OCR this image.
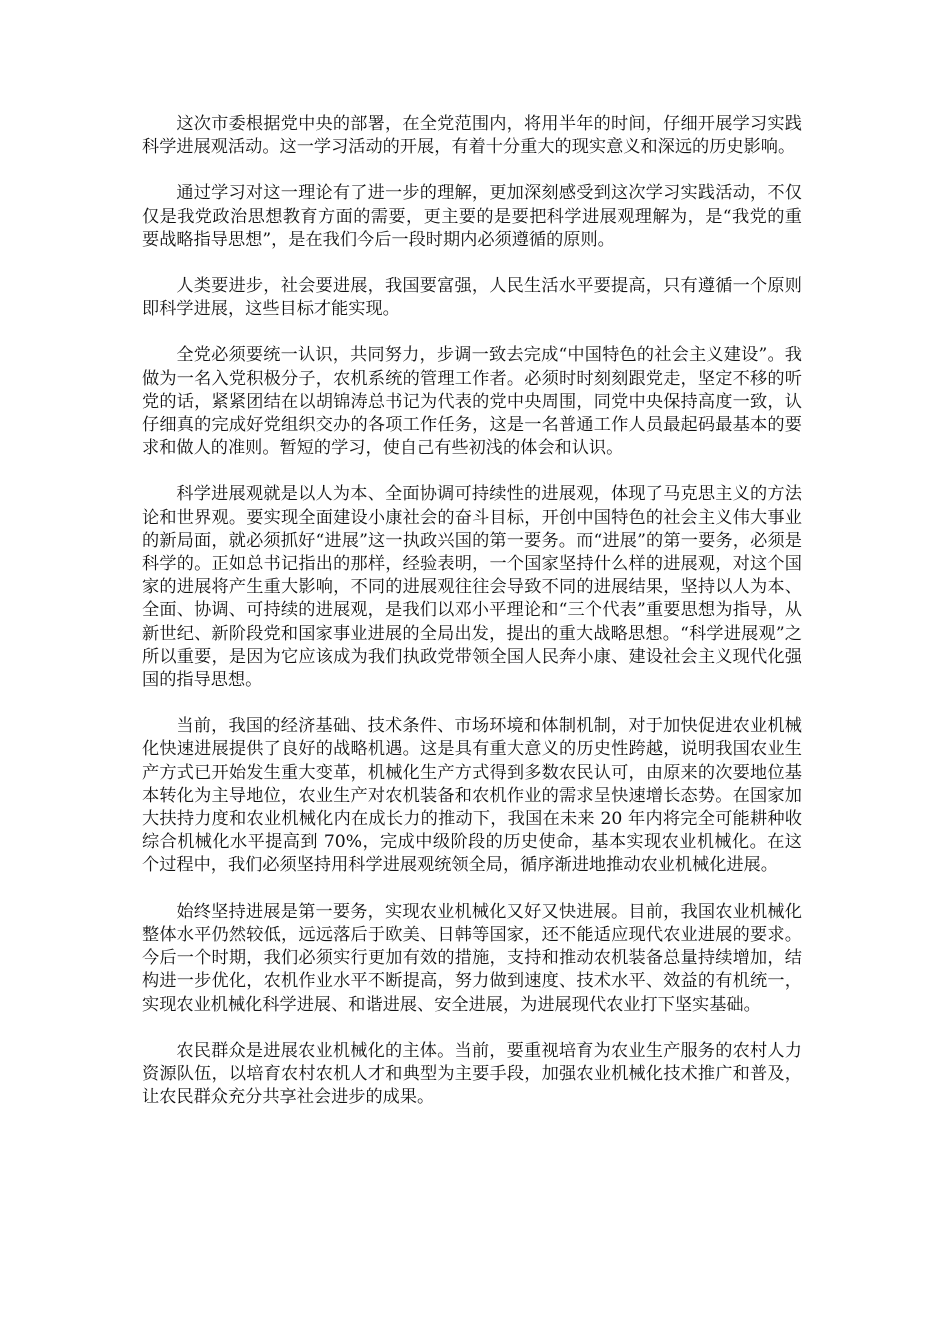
这次市委根据党中央的部署，在全党范围内，将用半年的时间，仔细开展学习实践科学进展观活动。这一学习活动的开展，有着十分重大的现实意义和深远的历史影响。

通过学习对这一理论有了进一步的理解，更加深刻感受到这次学习实践活动，不仅仅是我党政治思想教育方面的需要，更主要的是要把科学进展观理解为，是“我党的重要战略指导思想”，是在我们今后一段时期内必须遵循的原则。

人类要进步，社会要进展，我国要富强，人民生活水平要提高，只有遵循一个原则即科学进展，这些目标才能实现。

全党必须要统一认识，共同努力，步调一致去完成“中国特色的社会主义建设”。我做为一名入党积极分子，农机系统的管理工作者。必须时时刻刻跟党走，坚定不移的听党的话，紧紧团结在以胡锦涛总书记为代表的党中央周围，同党中央保持高度一致，认仔细真的完成好党组织交办的各项工作任务，这是一名普通工作人员最起码最基本的要求和做人的准则。暂短的学习，使自己有些初浅的体会和认识。

科学进展观就是以人为本、全面协调可持续性的进展观，体现了马克思主义的方法论和世界观。要实现全面建设小康社会的奋斗目标，开创中国特色的社会主义伟大事业的新局面，就必须抓好“进展”这一执政兴国的第一要务。而“进展”的第一要务，必须是科学的。正如总书记指出的那样，经验表明，一个国家坚持什么样的进展观，对这个国家的进展将产生重大影响，不同的进展观往往会导致不同的进展结果，坚持以人为本、全面、协调、可持续的进展观，是我们以邓小平理论和“三个代表”重要思想为指导，从新世纪、新阶段党和国家事业进展的全局出发，提出的重大战略思想。“科学进展观”之所以重要，是因为它应该成为我们执政党带领全国人民奔小康、建设社会主义现代化强国的指导思想。

当前，我国的经济基础、技术条件、市场环境和体制机制，对于加快促进农业机械化快速进展提供了良好的战略机遇。这是具有重大意义的历史性跨越，说明我国农业生产方式已开始发生重大变革，机械化生产方式得到多数农民认可，由原来的次要地位基本转化为主导地位，农业生产对农机装备和农机作业的需求呈快速增长态势。在国家加大扶持力度和农业机械化内在成长力的推动下，我国在未来 20 年内将完全可能耕种收综合机械化水平提高到 70%，完成中级阶段的历史使命，基本实现农业机械化。在这个过程中，我们必须坚持用科学进展观统领全局，循序渐进地推动农业机械化进展。

始终坚持进展是第一要务，实现农业机械化又好又快进展。目前，我国农业机械化整体水平仍然较低，远远落后于欧美、日韩等国家，还不能适应现代农业进展的要求。今后一个时期，我们必须实行更加有效的措施，支持和推动农机装备总量持续增加，结构进一步优化，农机作业水平不断提高，努力做到速度、技术水平、效益的有机统一，实现农业机械化科学进展、和谐进展、安全进展，为进展现代农业打下坚实基础。

农民群众是进展农业机械化的主体。当前，要重视培育为农业生产服务的农村人力资源队伍，以培育农村农机人才和典型为主要手段，加强农业机械化技术推广和普及，让农民群众充分共享社会进步的成果。
